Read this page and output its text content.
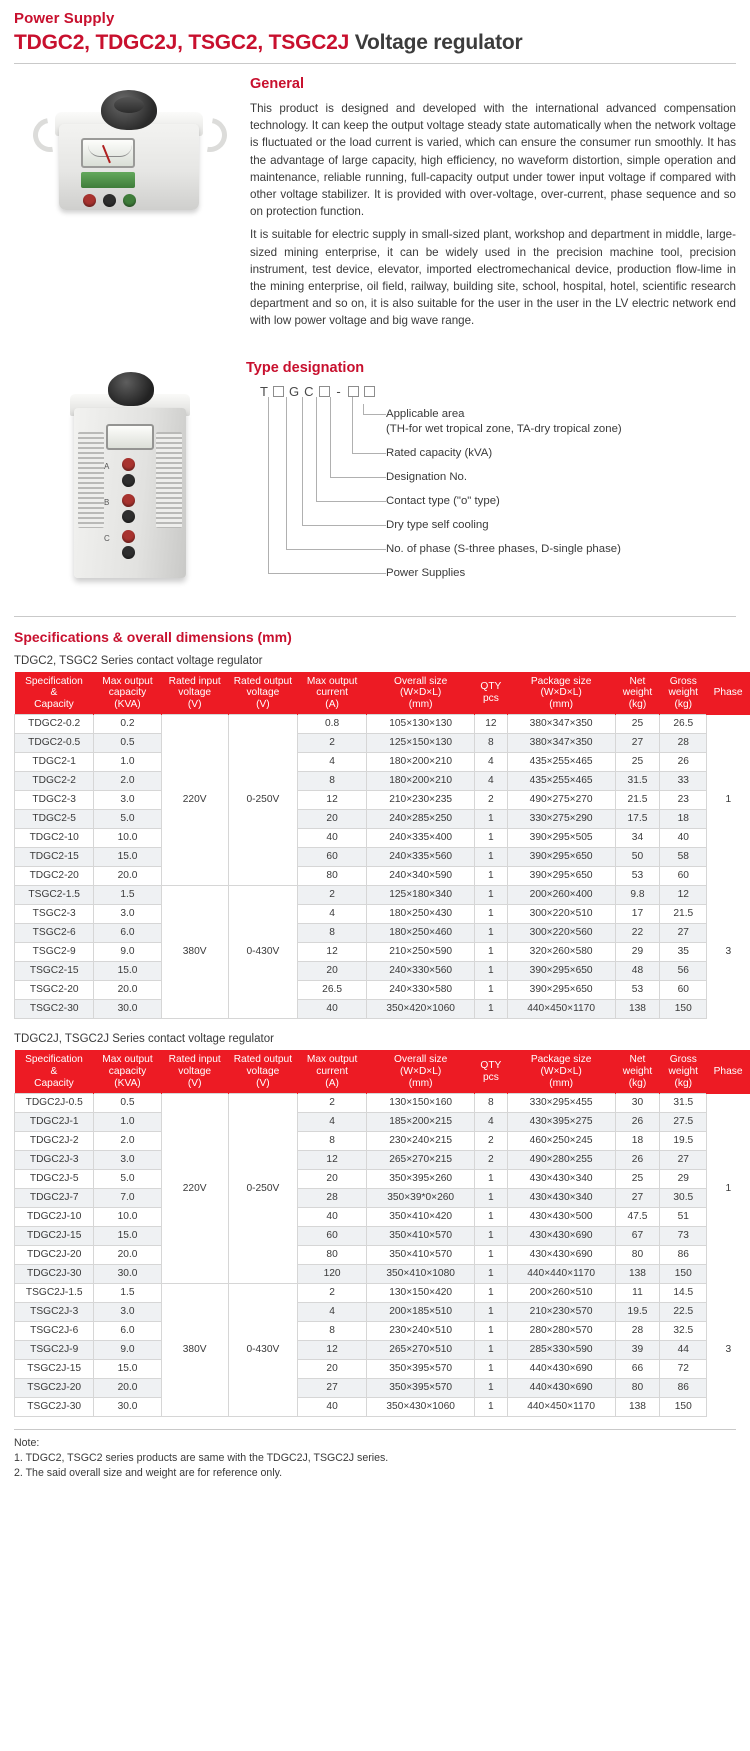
Power Supply
TDGC2, TDGC2J, TSGC2, TSGC2J Voltage regulator
General

This product is designed and developed with the international advanced compensation technology. It can keep the output voltage steady state automatically when the network voltage is fluctuated or the load current is varied, which can ensure the consumer run smoothly. It has the advantage of large capacity, high efficiency, no waveform distortion, simple operation and maintenance, reliable running, full-capacity output under tower input voltage if compared with other voltage stabilizer. It is provided with over-voltage, over-current, phase sequence and so on protection function.

It is suitable for electric supply in small-sized plant, workshop and department in middle, large-sized mining enterprise, it can be widely used in the precision machine tool, precision instrument, test device, elevator, imported electromechanical device, production flow-lime in the mining enterprise, oil field, railway, building site, school, hospital, hotel, scientific research department and so on, it is also suitable for the user in the user in the LV electric network end with low power voltage and big wave range.

A
B
C
Type designation
T G C -
Applicable area
(TH-for wet tropical zone, TA-dry tropical zone)
Rated capacity (kVA)
Designation No.
Contact type ("o" type)
Dry type self cooling
No. of phase (S-three phases, D-single phase)
Power Supplies
Specifications & overall dimensions (mm)
TDGC2, TSGC2 Series contact voltage regulator
Specification
&
Capacity

Max output
capacity
(KVA)

Rated input
voltage
(V)

Rated output
voltage
(V)

Max output
current
(A)

Overall size
(W×D×L)
(mm)

QTY
pcs

Package size
(W×D×L)
(mm)

Net
weight
(kg)

Gross
weight
(kg)

Phase

TDGC2-0.2	0.2	220V	0-250V	0.8	105×130×130	12	380×347×350	25	26.5	1
TDGC2-0.5	0.5			2	125×150×130	8	380×347×350	27	28	
TDGC2-1	1.0			4	180×200×210	4	435×255×465	25	26	
TDGC2-2	2.0			8	180×200×210	4	435×255×465	31.5	33	
TDGC2-3	3.0			12	210×230×235	2	490×275×270	21.5	23	
TDGC2-5	5.0			20	240×285×250	1	330×275×290	17.5	18	
TDGC2-10	10.0			40	240×335×400	1	390×295×505	34	40	
TDGC2-15	15.0			60	240×335×560	1	390×295×650	50	58	
TDGC2-20	20.0			80	240×340×590	1	390×295×650	53	60	
TSGC2-1.5	1.5	380V	0-430V	2	125×180×340	1	200×260×400	9.8	12	3
TSGC2-3	3.0			4	180×250×430	1	300×220×510	17	21.5	
TSGC2-6	6.0			8	180×250×460	1	300×220×560	22	27	
TSGC2-9	9.0			12	210×250×590	1	320×260×580	29	35	
TSGC2-15	15.0			20	240×330×560	1	390×295×650	48	56	
TSGC2-20	20.0			26.5	240×330×580	1	390×295×650	53	60	
TSGC2-30	30.0			40	350×420×1060	1	440×450×1170	138	150	
TDGC2J, TSGC2J Series contact voltage regulator
Specification
&
Capacity

Max output
capacity
(KVA)

Rated input
voltage
(V)

Rated output
voltage
(V)

Max output
current
(A)

Overall size
(W×D×L)
(mm)

QTY
pcs

Package size
(W×D×L)
(mm)

Net
weight
(kg)

Gross
weight
(kg)

Phase

TDGC2J-0.5	0.5	220V	0-250V	2	130×150×160	8	330×295×455	30	31.5	1
TDGC2J-1	1.0			4	185×200×215	4	430×395×275	26	27.5	
TDGC2J-2	2.0			8	230×240×215	2	460×250×245	18	19.5	
TDGC2J-3	3.0			12	265×270×215	2	490×280×255	26	27	
TDGC2J-5	5.0			20	350×395×260	1	430×430×340	25	29	
TDGC2J-7	7.0			28	350×39*0×260	1	430×430×340	27	30.5	
TDGC2J-10	10.0			40	350×410×420	1	430×430×500	47.5	51	
TDGC2J-15	15.0			60	350×410×570	1	430×430×690	67	73	
TDGC2J-20	20.0			80	350×410×570	1	430×430×690	80	86	
TDGC2J-30	30.0			120	350×410×1080	1	440×440×1170	138	150	
TSGC2J-1.5	1.5	380V	0-430V	2	130×150×420	1	200×260×510	11	14.5	3
TSGC2J-3	3.0			4	200×185×510	1	210×230×570	19.5	22.5	
TSGC2J-6	6.0			8	230×240×510	1	280×280×570	28	32.5	
TSGC2J-9	9.0			12	265×270×510	1	285×330×590	39	44	
TSGC2J-15	15.0			20	350×395×570	1	440×430×690	66	72	
TSGC2J-20	20.0			27	350×395×570	1	440×430×690	80	86	
TSGC2J-30	30.0			40	350×430×1060	1	440×450×1170	138	150	
Note:
1. TDGC2, TSGC2 series products are same with the TDGC2J, TSGC2J series.
2. The said overall size and weight are for reference only.
